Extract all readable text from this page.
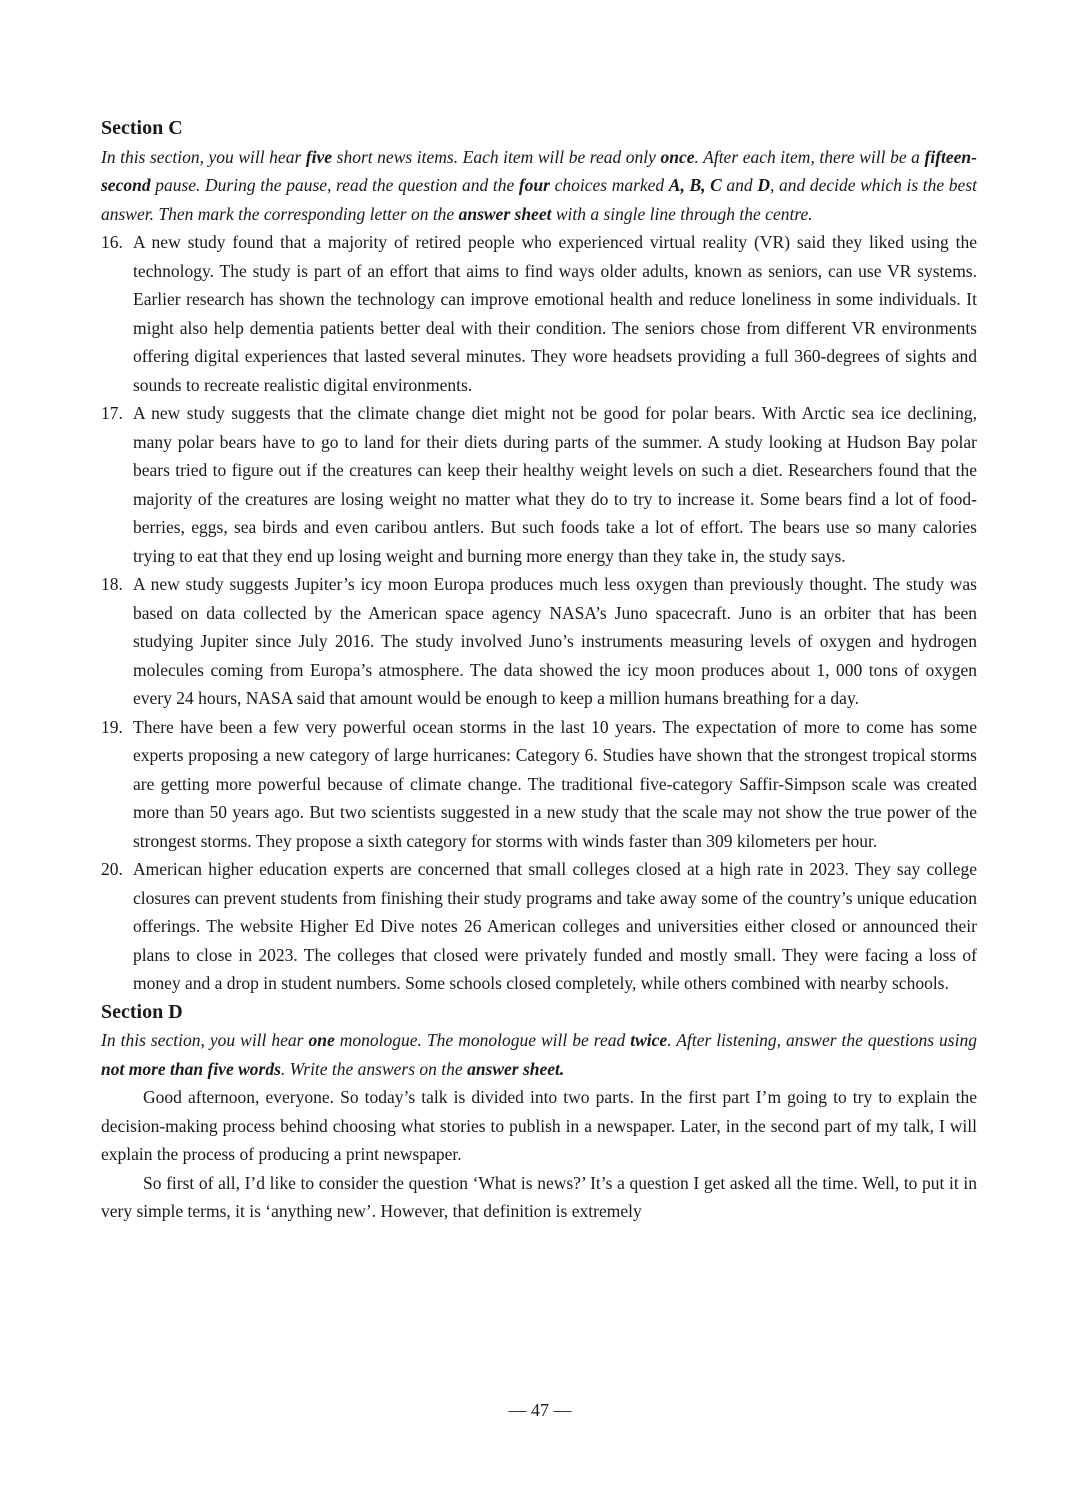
Section C

In this section, you will hear five short news items. Each item will be read only once. After each item, there will be a fifteen-second pause. During the pause, read the question and the four choices marked A, B, C and D, and decide which is the best answer. Then mark the corresponding letter on the answer sheet with a single line through the centre.

16. A new study found that a majority of retired people who experienced virtual reality (VR) said they liked using the technology. The study is part of an effort that aims to find ways older adults, known as seniors, can use VR systems. Earlier research has shown the technology can improve emotional health and reduce loneliness in some individuals. It might also help dementia patients better deal with their condition. The seniors chose from different VR environments offering digital experiences that lasted several minutes. They wore headsets providing a full 360-degrees of sights and sounds to recreate realistic digital environments.

17. A new study suggests that the climate change diet might not be good for polar bears. With Arctic sea ice declining, many polar bears have to go to land for their diets during parts of the summer. A study looking at Hudson Bay polar bears tried to figure out if the creatures can keep their healthy weight levels on such a diet. Researchers found that the majority of the creatures are losing weight no matter what they do to try to increase it. Some bears find a lot of food-berries, eggs, sea birds and even caribou antlers. But such foods take a lot of effort. The bears use so many calories trying to eat that they end up losing weight and burning more energy than they take in, the study says.

18. A new study suggests Jupiter’s icy moon Europa produces much less oxygen than previously thought. The study was based on data collected by the American space agency NASA’s Juno spacecraft. Juno is an orbiter that has been studying Jupiter since July 2016. The study involved Juno’s instruments measuring levels of oxygen and hydrogen molecules coming from Europa’s atmosphere. The data showed the icy moon produces about 1, 000 tons of oxygen every 24 hours, NASA said that amount would be enough to keep a million humans breathing for a day.

19. There have been a few very powerful ocean storms in the last 10 years. The expectation of more to come has some experts proposing a new category of large hurricanes: Category 6. Studies have shown that the strongest tropical storms are getting more powerful because of climate change. The traditional five-category Saffir-Simpson scale was created more than 50 years ago. But two scientists suggested in a new study that the scale may not show the true power of the strongest storms. They propose a sixth category for storms with winds faster than 309 kilometers per hour.

20. American higher education experts are concerned that small colleges closed at a high rate in 2023. They say college closures can prevent students from finishing their study programs and take away some of the country’s unique education offerings. The website Higher Ed Dive notes 26 American colleges and universities either closed or announced their plans to close in 2023. The colleges that closed were privately funded and mostly small. They were facing a loss of money and a drop in student numbers. Some schools closed completely, while others combined with nearby schools.

Section D

In this section, you will hear one monologue. The monologue will be read twice. After listening, answer the questions using not more than five words. Write the answers on the answer sheet.

Good afternoon, everyone. So today’s talk is divided into two parts. In the first part I’m going to try to explain the decision-making process behind choosing what stories to publish in a newspaper. Later, in the second part of my talk, I will explain the process of producing a print newspaper.

So first of all, I’d like to consider the question ‘What is news?’ It’s a question I get asked all the time. Well, to put it in very simple terms, it is ‘anything new’. However, that definition is extremely

— 47 —
